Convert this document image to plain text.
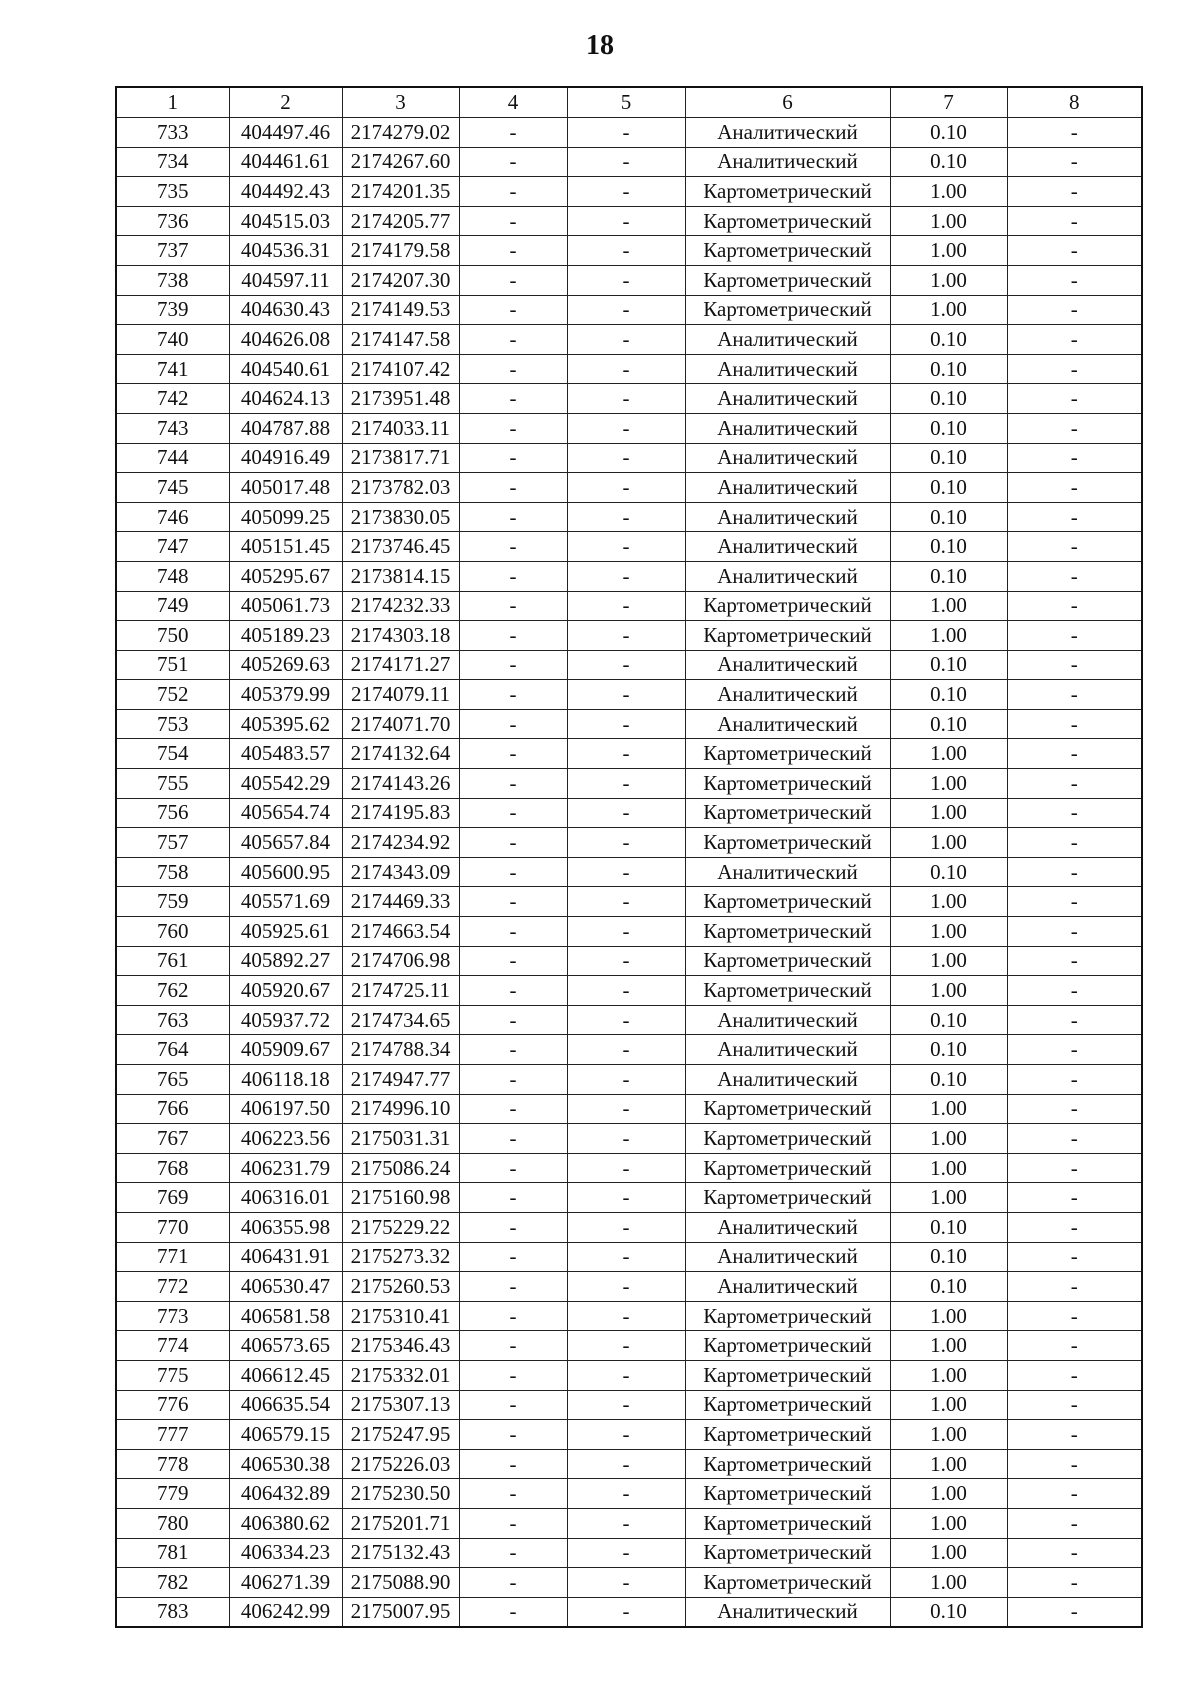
18
1	2	3	4	5	6	7	8
733	404497.46	2174279.02	-	-	Аналитический	0.10	-
734	404461.61	2174267.60	-	-	Аналитический	0.10	-
735	404492.43	2174201.35	-	-	Картометрический	1.00	-
736	404515.03	2174205.77	-	-	Картометрический	1.00	-
737	404536.31	2174179.58	-	-	Картометрический	1.00	-
738	404597.11	2174207.30	-	-	Картометрический	1.00	-
739	404630.43	2174149.53	-	-	Картометрический	1.00	-
740	404626.08	2174147.58	-	-	Аналитический	0.10	-
741	404540.61	2174107.42	-	-	Аналитический	0.10	-
742	404624.13	2173951.48	-	-	Аналитический	0.10	-
743	404787.88	2174033.11	-	-	Аналитический	0.10	-
744	404916.49	2173817.71	-	-	Аналитический	0.10	-
745	405017.48	2173782.03	-	-	Аналитический	0.10	-
746	405099.25	2173830.05	-	-	Аналитический	0.10	-
747	405151.45	2173746.45	-	-	Аналитический	0.10	-
748	405295.67	2173814.15	-	-	Аналитический	0.10	-
749	405061.73	2174232.33	-	-	Картометрический	1.00	-
750	405189.23	2174303.18	-	-	Картометрический	1.00	-
751	405269.63	2174171.27	-	-	Аналитический	0.10	-
752	405379.99	2174079.11	-	-	Аналитический	0.10	-
753	405395.62	2174071.70	-	-	Аналитический	0.10	-
754	405483.57	2174132.64	-	-	Картометрический	1.00	-
755	405542.29	2174143.26	-	-	Картометрический	1.00	-
756	405654.74	2174195.83	-	-	Картометрический	1.00	-
757	405657.84	2174234.92	-	-	Картометрический	1.00	-
758	405600.95	2174343.09	-	-	Аналитический	0.10	-
759	405571.69	2174469.33	-	-	Картометрический	1.00	-
760	405925.61	2174663.54	-	-	Картометрический	1.00	-
761	405892.27	2174706.98	-	-	Картометрический	1.00	-
762	405920.67	2174725.11	-	-	Картометрический	1.00	-
763	405937.72	2174734.65	-	-	Аналитический	0.10	-
764	405909.67	2174788.34	-	-	Аналитический	0.10	-
765	406118.18	2174947.77	-	-	Аналитический	0.10	-
766	406197.50	2174996.10	-	-	Картометрический	1.00	-
767	406223.56	2175031.31	-	-	Картометрический	1.00	-
768	406231.79	2175086.24	-	-	Картометрический	1.00	-
769	406316.01	2175160.98	-	-	Картометрический	1.00	-
770	406355.98	2175229.22	-	-	Аналитический	0.10	-
771	406431.91	2175273.32	-	-	Аналитический	0.10	-
772	406530.47	2175260.53	-	-	Аналитический	0.10	-
773	406581.58	2175310.41	-	-	Картометрический	1.00	-
774	406573.65	2175346.43	-	-	Картометрический	1.00	-
775	406612.45	2175332.01	-	-	Картометрический	1.00	-
776	406635.54	2175307.13	-	-	Картометрический	1.00	-
777	406579.15	2175247.95	-	-	Картометрический	1.00	-
778	406530.38	2175226.03	-	-	Картометрический	1.00	-
779	406432.89	2175230.50	-	-	Картометрический	1.00	-
780	406380.62	2175201.71	-	-	Картометрический	1.00	-
781	406334.23	2175132.43	-	-	Картометрический	1.00	-
782	406271.39	2175088.90	-	-	Картометрический	1.00	-
783	406242.99	2175007.95	-	-	Аналитический	0.10	-
